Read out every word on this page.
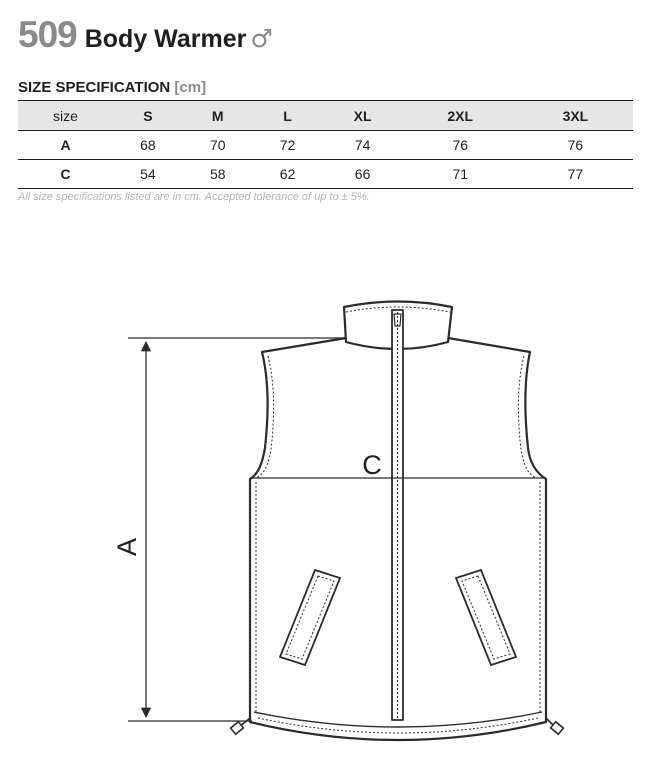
509 Body Warmer ♂
SIZE SPECIFICATION [cm]
size	S	M	L	XL	2XL	3XL
A	68	70	72	74	76	76
C	54	58	62	66	71	77
All size specifications listed are in cm. Accepted tolerance of up to ± 5%.
A
C
